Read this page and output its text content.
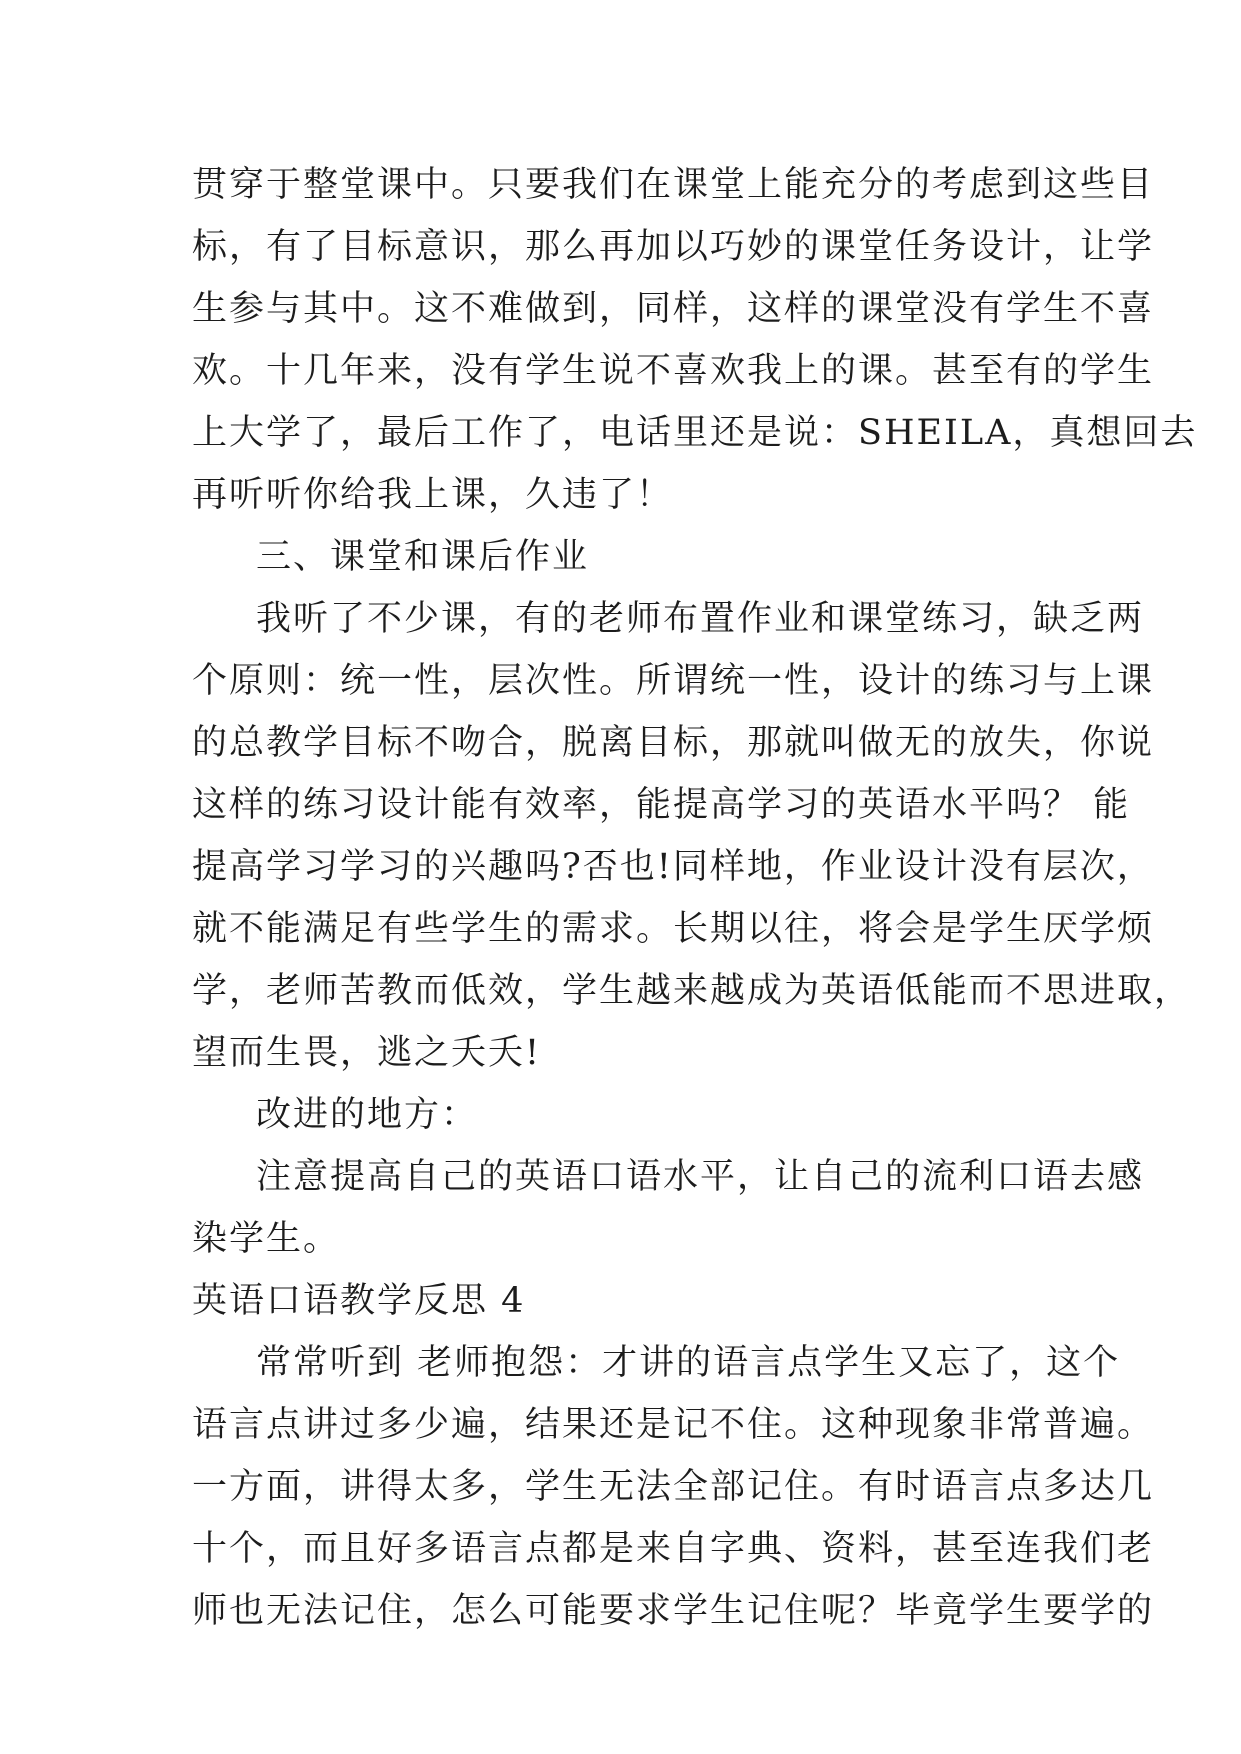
贯穿于整堂课中。只要我们在课堂上能充分的考虑到这些目
标，有了目标意识，那么再加以巧妙的课堂任务设计，让学
生参与其中。这不难做到，同样，这样的课堂没有学生不喜
欢。十几年来，没有学生说不喜欢我上的课。甚至有的学生
上大学了，最后工作了，电话里还是说：SHEILA，真想回去
再听听你给我上课，久违了！
三、课堂和课后作业
我听了不少课，有的老师布置作业和课堂练习，缺乏两
个原则：统一性，层次性。所谓统一性，设计的练习与上课
的总教学目标不吻合，脱离目标，那就叫做无的放失，你说
这样的练习设计能有效率，能提高学习的英语水平吗？ 能
提高学习学习的兴趣吗?否也!同样地，作业设计没有层次，
就不能满足有些学生的需求。长期以往，将会是学生厌学烦
学，老师苦教而低效，学生越来越成为英语低能而不思进取，
望而生畏，逃之夭夭!
改进的地方：
注意提高自己的英语口语水平，让自己的流利口语去感
染学生。
英语口语教学反思 4
常常听到 老师抱怨：才讲的语言点学生又忘了，这个
语言点讲过多少遍，结果还是记不住。这种现象非常普遍。
一方面，讲得太多，学生无法全部记住。有时语言点多达几
十个，而且好多语言点都是来自字典、资料，甚至连我们老
师也无法记住，怎么可能要求学生记住呢？毕竟学生要学的
